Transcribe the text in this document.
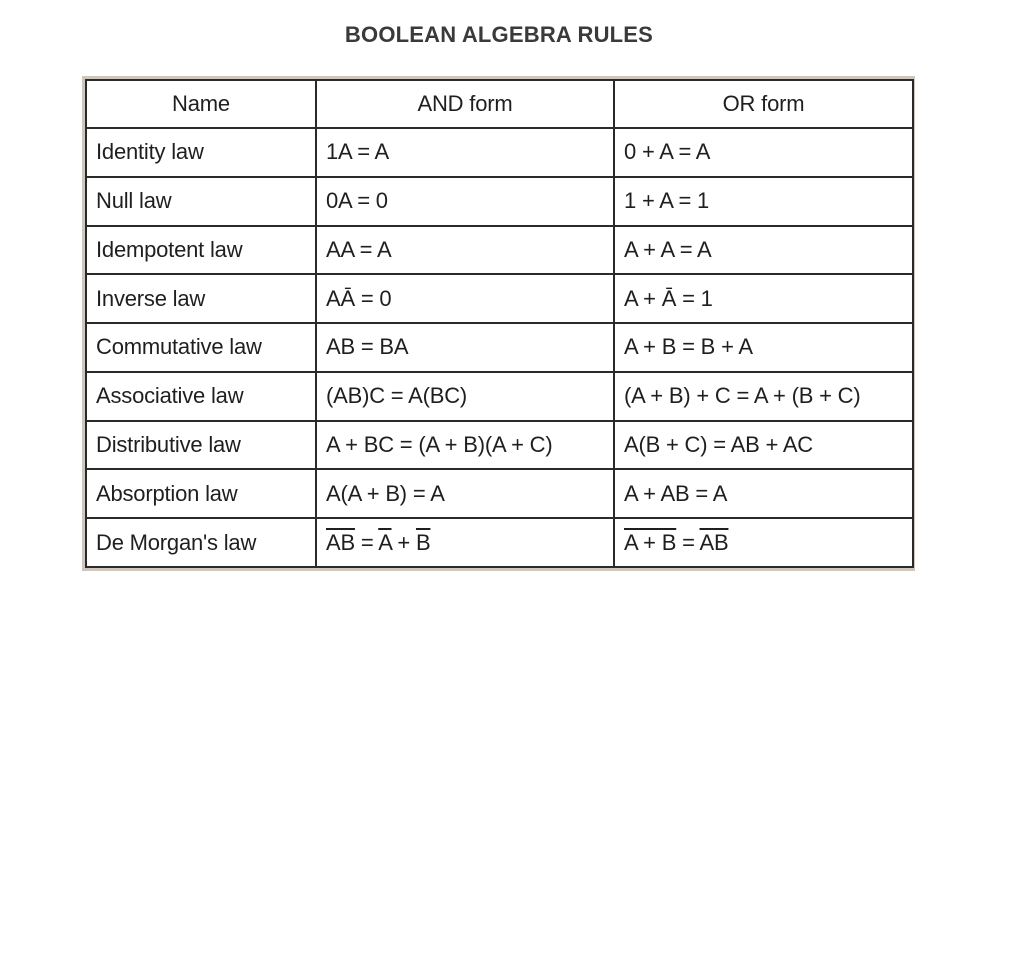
BOOLEAN ALGEBRA RULES
Name	AND form	OR form
Identity law	1A = A	0 + A = A
Null law	0A = 0	1 + A = 1
Idempotent law	AA = A	A + A = A
Inverse law	AĀ = 0	A + Ā = 1
Commutative law	AB = BA	A + B = B + A
Associative law	(AB)C = A(BC)	(A + B) + C = A + (B + C)
Distributive law	A + BC = (A + B)(A + C)	A(B + C) = AB + AC
Absorption law	A(A + B) = A	A + AB = A
De Morgan's law	$\overline{AB} = \overline{A} + \overline{B}$	$A + B = \overline{A}\overline{B}$
